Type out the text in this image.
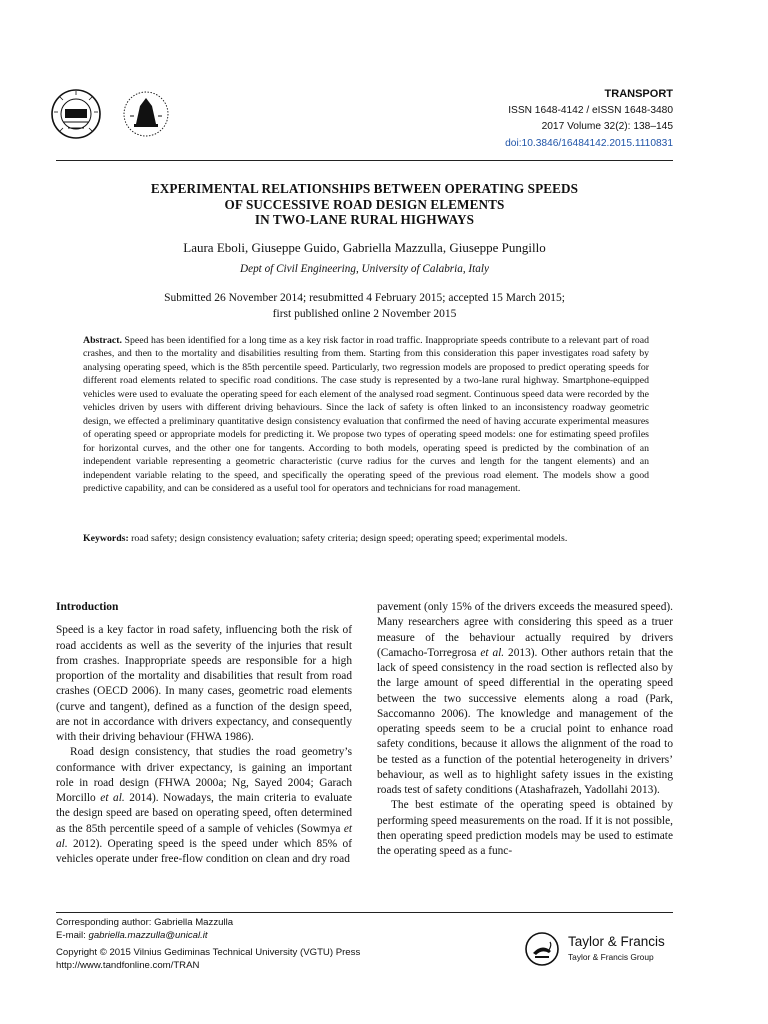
TRANSPORT
ISSN 1648-4142 / eISSN 1648-3480
2017 Volume 32(2): 138–145
doi:10.3846/16484142.2015.1110831
EXPERIMENTAL RELATIONSHIPS BETWEEN OPERATING SPEEDS
OF SUCCESSIVE ROAD DESIGN ELEMENTS
IN TWO-LANE RURAL HIGHWAYS
Laura Eboli, Giuseppe Guido, Gabriella Mazzulla, Giuseppe Pungillo
Dept of Civil Engineering, University of Calabria, Italy
Submitted 26 November 2014; resubmitted 4 February 2015; accepted 15 March 2015;
first published online 2 November 2015
Abstract. Speed has been identified for a long time as a key risk factor in road traffic. Inappropriate speeds contribute to a relevant part of road crashes, and then to the mortality and disabilities resulting from them. Starting from this consideration this paper investigates road safety by analysing operating speed, which is the 85th percentile speed. Particularly, two regression models are proposed to predict operating speeds for different road elements related to specific road conditions. The case study is represented by a two-lane rural highway. Smartphone-equipped vehicles were used to evaluate the operating speed for each element of the analysed road segment. Continuous speed data were recorded by the vehicles driven by users with different driving behaviours. Since the lack of safety is often linked to an inconsistency roadway geometric design, we effected a preliminary quantitative design consistency evaluation that confirmed the need of having accurate experimental measures of operating speed or appropriate models for predicting it. We propose two types of operating speed models: one for estimating speed profiles for horizontal curves, and the other one for tangents. According to both models, operating speed is predicted by the combination of an independent variable representing a geometric characteristic (curve radius for the curves and length for the tangent elements) and an independent variable relating to the speed, and specifically the operating speed of the previous road element. The models show a good predictive capability, and can be considered as a useful tool for operators and technicians for road management.
Keywords: road safety; design consistency evaluation; safety criteria; design speed; operating speed; experimental models.
Introduction

Speed is a key factor in road safety, influencing both the risk of road accidents as well as the severity of the injuries that result from crashes. Inappropriate speeds are responsible for a high proportion of the mortality and disabilities that result from road crashes (OECD 2006). In many cases, geometric road elements (curve and tangent), defined as a function of the design speed, are not in accordance with drivers expectancy, and consequently with their driving behaviour (FHWA 1986).

Road design consistency, that studies the road geometry’s conformance with driver expectancy, is gaining an important role in road design (FHWA 2000a; Ng, Sayed 2004; Garach Morcillo et al. 2014). Nowadays, the main criteria to evaluate the design speed are based on operating speed, often determined as the 85th percentile speed of a sample of vehicles (Sowmya et al. 2012). Operating speed is the speed under which 85% of vehicles operate under free-flow condition on clean and dry road

pavement (only 15% of the drivers exceeds the measured speed). Many researchers agree with considering this speed as a truer measure of the behaviour actually required by drivers (Camacho-Torregrosa et al. 2013). Other authors retain that the lack of speed consistency in the road section is reflected also by the large amount of speed differential in the operating speed between the two successive elements along a road (Park, Saccomanno 2006). The knowledge and management of the operating speeds seem to be a crucial point to enhance road safety conditions, because it allows the alignment of the road to be tested as a function of the potential heterogeneity in drivers’ behaviour, as well as to highlight safety issues in the existing roads test of safety conditions (Atashafrazeh, Yadollahi 2013).

The best estimate of the operating speed is obtained by performing speed measurements on the road. If it is not possible, then operating speed prediction models may be used to estimate the operating speed as a func-

Corresponding author: Gabriella Mazzulla
E-mail: gabriella.mazzulla@unical.it
Copyright © 2015 Vilnius Gediminas Technical University (VGTU) Press
http://www.tandfonline.com/TRAN
Taylor & Francis
Taylor & Francis Group
